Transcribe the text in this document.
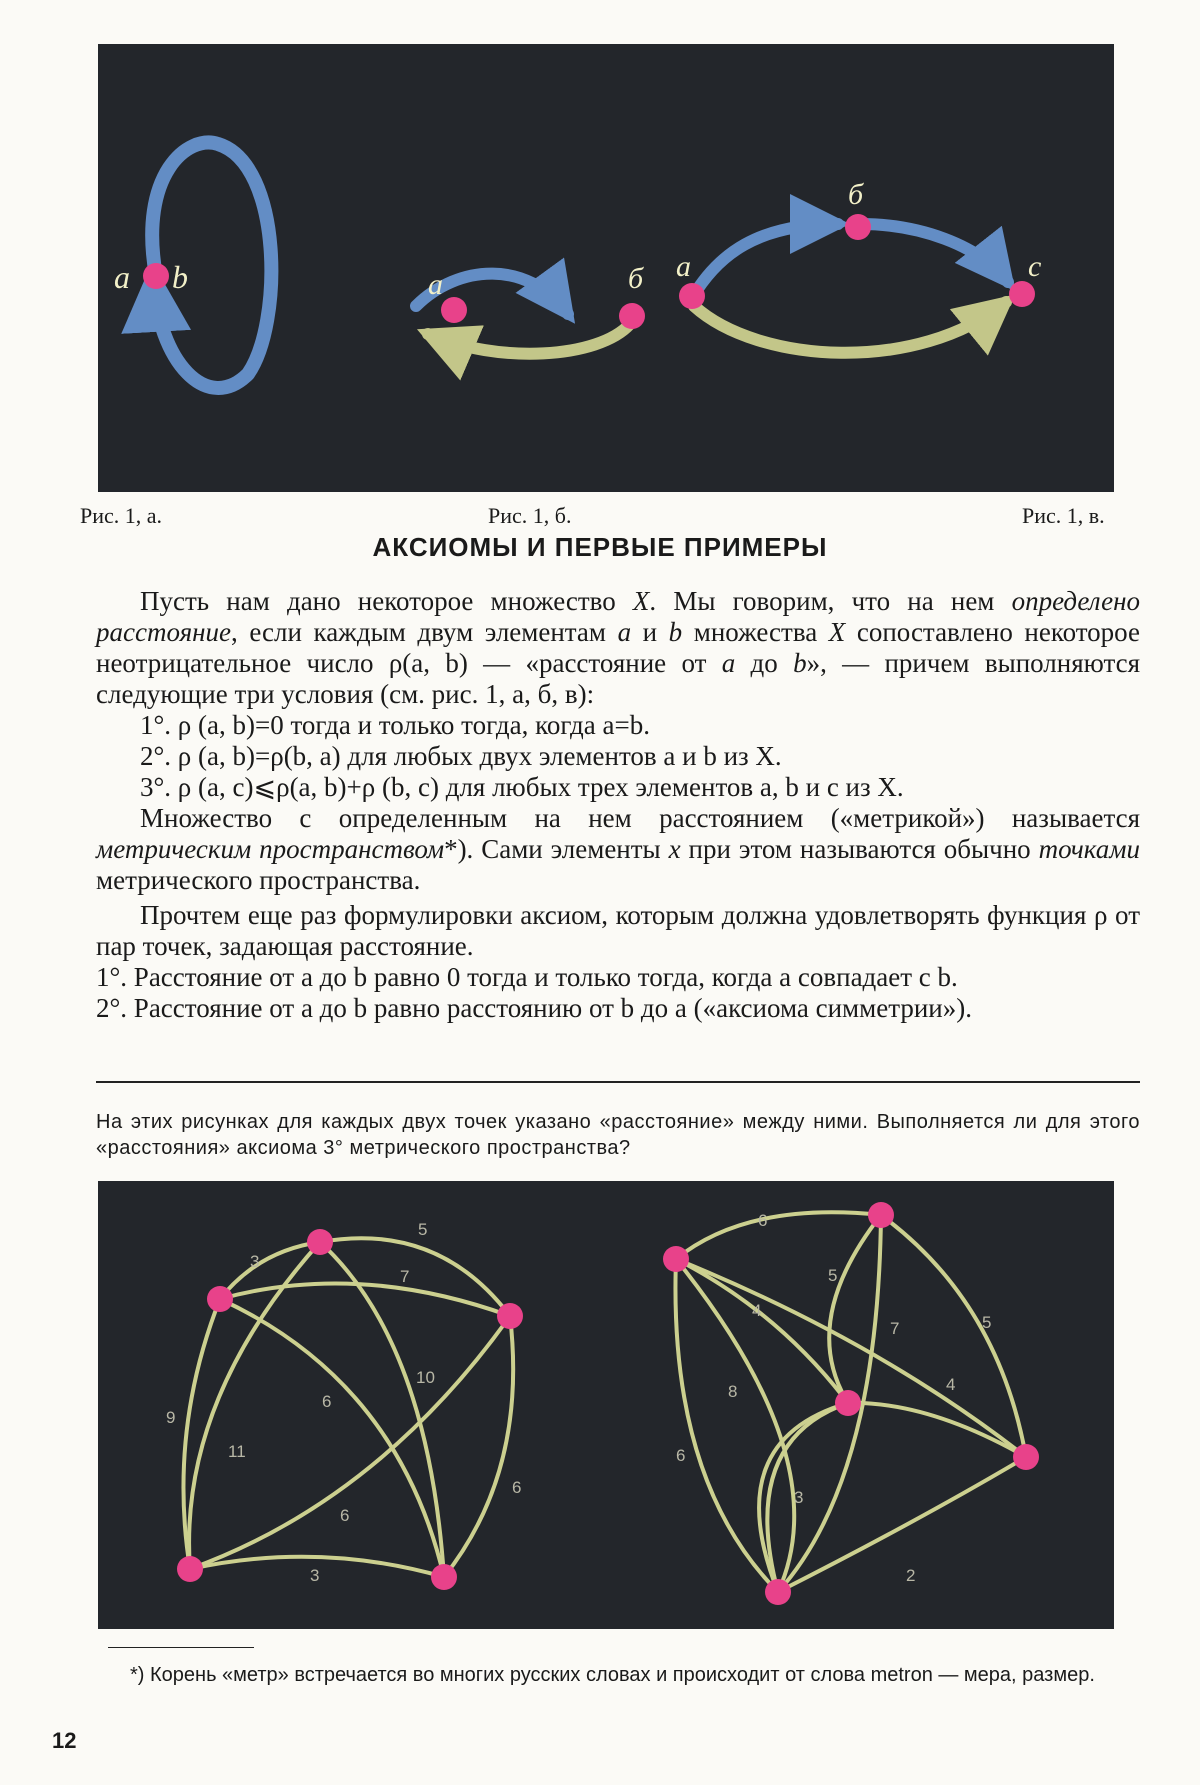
a b	a	б a
б
c
Рис. 1, а.	Рис. 1, б.	Рис. 1, в.
АКСИОМЫ И ПЕРВЫЕ ПРИМЕРЫ

Пусть нам дано некоторое множество X. Мы говорим, что на нем определено расстояние, если каждым двум элементам a и b множества X сопоставлено некоторое неотрицательное число ρ(a, b) — «расстояние от a до b», — причем выполняются следующие три условия (см. рис. 1, а, б, в):

1°. ρ (a, b)=0 тогда и только тогда, когда a=b.

2°. ρ (a, b)=ρ(b, a) для любых двух элементов a и b из X.

3°. ρ (a, c)⩽ρ(a, b)+ρ (b, c) для любых трех элементов a, b и c из X.

Множество с определенным на нем расстоянием («метрикой») называется метрическим пространством*). Сами элементы x при этом называются обычно точками метрического пространства.

Прочтем еще раз формулировки аксиом, которым должна удовлетворять функция ρ от пар точек, задающая расстояние.

1°. Расстояние от a до b равно 0 тогда и только тогда, когда a совпадает с b.

2°. Расстояние от a до b равно расстоянию от b до a («аксиома симметрии»).

На этих рисунках для каждых двух точек указано «расстояние» между ними. Выполняется ли для этого «расстояния» аксиома 3° метрического пространства?
5
3
7
9
11
6
10
6
6
3
6
5
4
7	5
8	4
6
3
2
*) Корень «метр» встречается во многих русских словах и происходит от слова metron — мера, размер.
12
